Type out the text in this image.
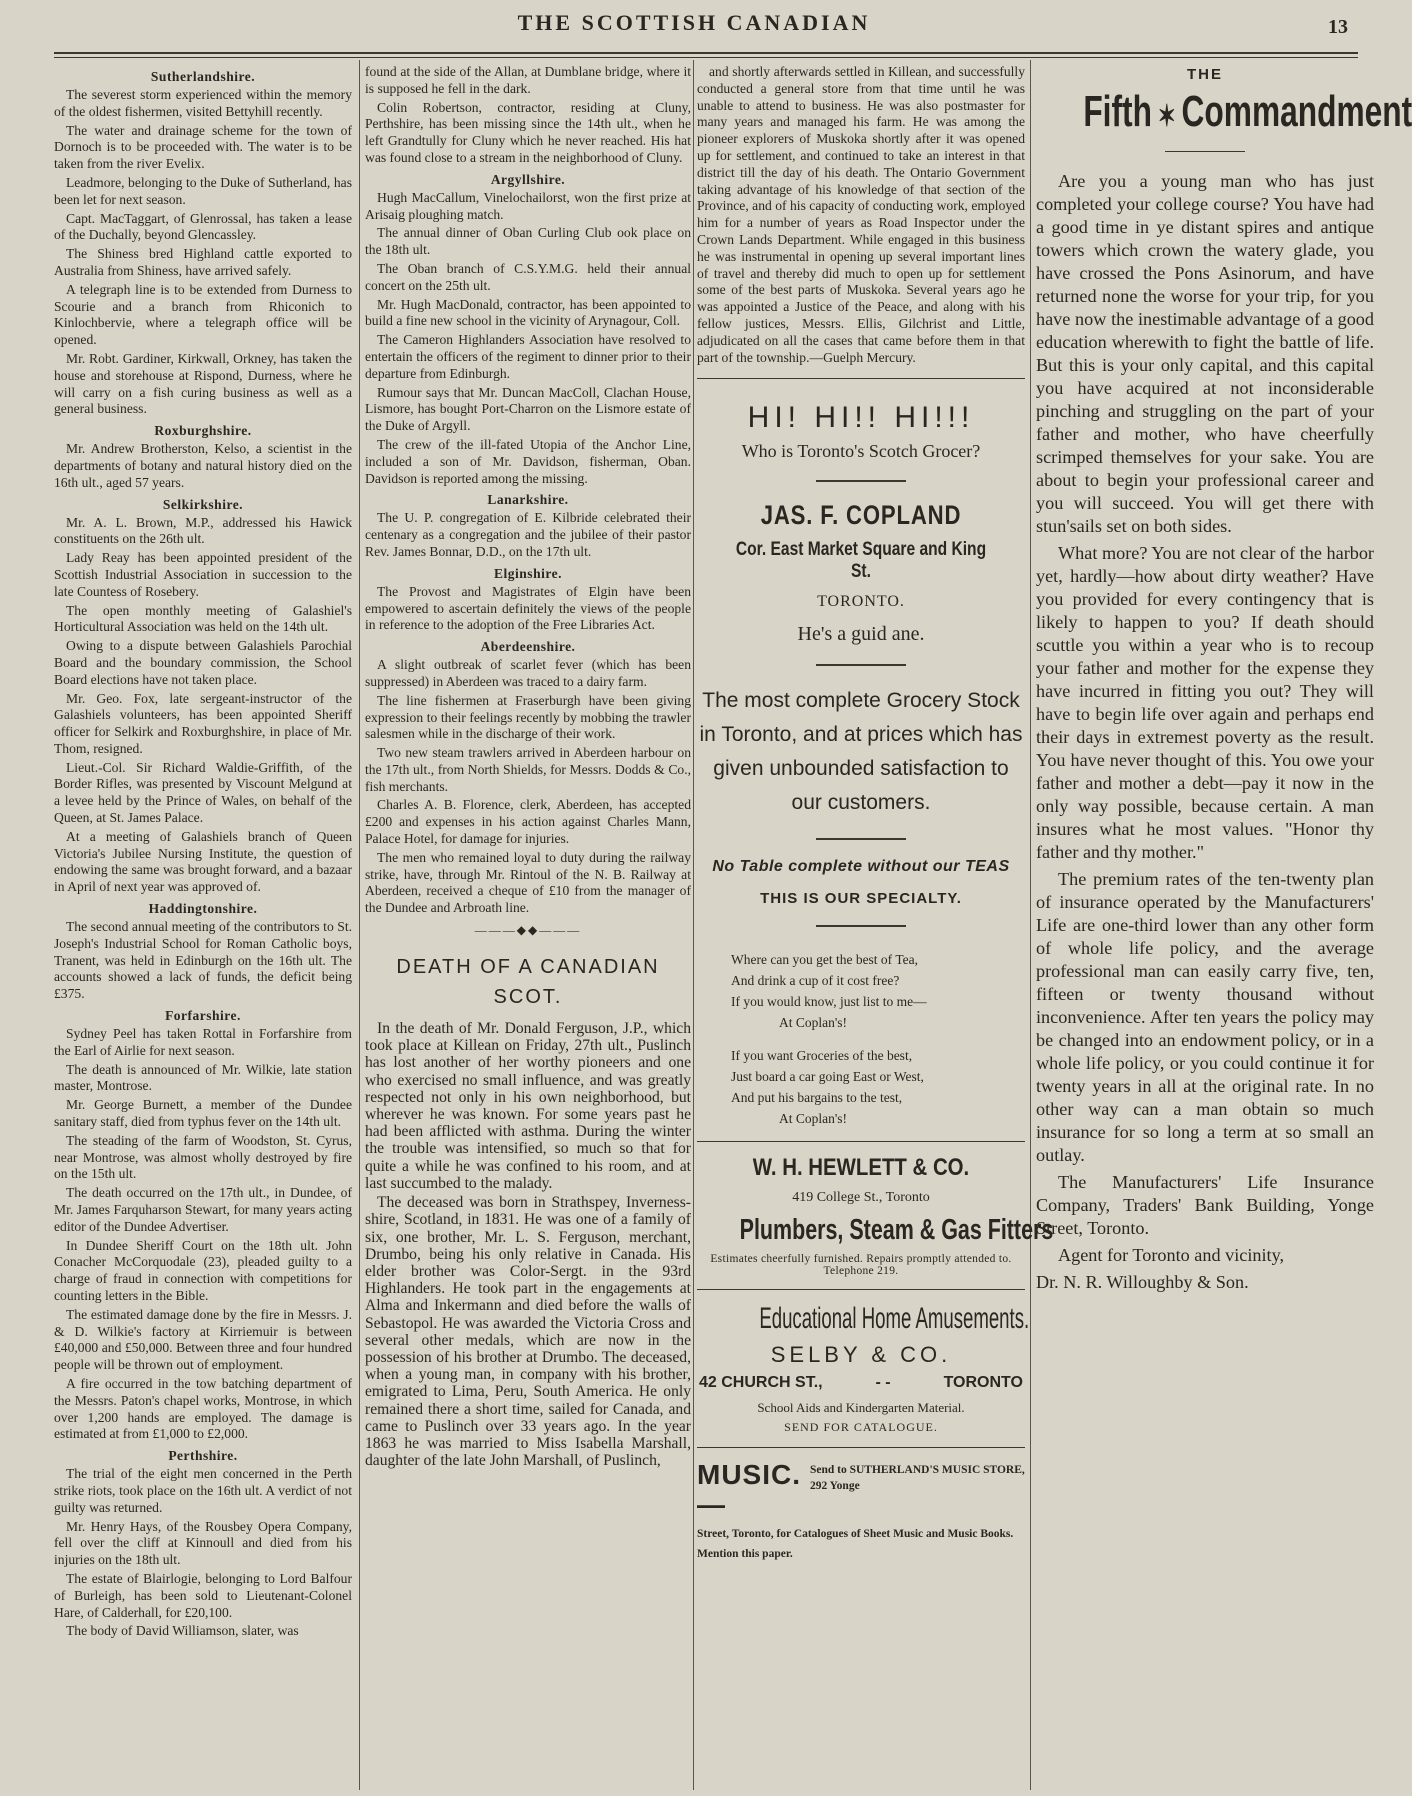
THE SCOTTISH CANADIAN	13
Sutherlandshire.

The severest storm experienced within the memory of the oldest fishermen, visited Bettyhill recently.

The water and drainage scheme for the town of Dornoch is to be proceeded with. The water is to be taken from the river Evelix.

Leadmore, belonging to the Duke of Sutherland, has been let for next season.

Capt. MacTaggart, of Glenrossal, has taken a lease of the Duchally, beyond Glencassley.

The Shiness bred Highland cattle exported to Australia from Shiness, have arrived safely.

A telegraph line is to be extended from Durness to Scourie and a branch from Rhiconich to Kinlochbervie, where a telegraph office will be opened.

Mr. Robt. Gardiner, Kirkwall, Orkney, has taken the house and storehouse at Rispond, Durness, where he will carry on a fish curing business as well as a general business.

Roxburghshire.

Mr. Andrew Brotherston, Kelso, a scientist in the departments of botany and natural history died on the 16th ult., aged 57 years.

Selkirkshire.

Mr. A. L. Brown, M.P., addressed his Hawick constituents on the 26th ult.

Lady Reay has been appointed president of the Scottish Industrial Association in succession to the late Countess of Rosebery.

The open monthly meeting of Galashiel's Horticultural Association was held on the 14th ult.

Owing to a dispute between Galashiels Parochial Board and the boundary commission, the School Board elections have not taken place.

Mr. Geo. Fox, late sergeant-instructor of the Galashiels volunteers, has been appointed Sheriff officer for Selkirk and Roxburghshire, in place of Mr. Thom, resigned.

Lieut.-Col. Sir Richard Waldie-Griffith, of the Border Rifles, was presented by Viscount Melgund at a levee held by the Prince of Wales, on behalf of the Queen, at St. James Palace.

At a meeting of Galashiels branch of Queen Victoria's Jubilee Nursing Institute, the question of endowing the same was brought forward, and a bazaar in April of next year was approved of.

Haddingtonshire.

The second annual meeting of the contributors to St. Joseph's Industrial School for Roman Catholic boys, Tranent, was held in Edinburgh on the 16th ult. The accounts showed a lack of funds, the deficit being £375.

Forfarshire.

Sydney Peel has taken Rottal in Forfarshire from the Earl of Airlie for next season.

The death is announced of Mr. Wilkie, late station master, Montrose.

Mr. George Burnett, a member of the Dundee sanitary staff, died from typhus fever on the 14th ult.

The steading of the farm of Woodston, St. Cyrus, near Montrose, was almost wholly destroyed by fire on the 15th ult.

The death occurred on the 17th ult., in Dundee, of Mr. James Farquharson Stewart, for many years acting editor of the Dundee Advertiser.

In Dundee Sheriff Court on the 18th ult. John Conacher McCorquodale (23), pleaded guilty to a charge of fraud in connection with competitions for counting letters in the Bible.

The estimated damage done by the fire in Messrs. J. & D. Wilkie's factory at Kirriemuir is between £40,000 and £50,000. Between three and four hundred people will be thrown out of employment.

A fire occurred in the tow batching department of the Messrs. Paton's chapel works, Montrose, in which over 1,200 hands are employed. The damage is estimated at from £1,000 to £2,000.

Perthshire.

The trial of the eight men concerned in the Perth strike riots, took place on the 16th ult. A verdict of not guilty was returned.

Mr. Henry Hays, of the Rousbey Opera Company, fell over the cliff at Kinnoull and died from his injuries on the 18th ult.

The estate of Blairlogie, belonging to Lord Balfour of Burleigh, has been sold to Lieutenant-Colonel Hare, of Calderhall, for £20,100.

The body of David Williamson, slater, was

found at the side of the Allan, at Dumblane bridge, where it is supposed he fell in the dark.

Colin Robertson, contractor, residing at Cluny, Perthshire, has been missing since the 14th ult., when he left Grandtully for Cluny which he never reached. His hat was found close to a stream in the neighborhood of Cluny.

Argyllshire.

Hugh MacCallum, Vinelochailorst, won the first prize at Arisaig ploughing match.

The annual dinner of Oban Curling Club ook place on the 18th ult.

The Oban branch of C.S.Y.M.G. held their annual concert on the 25th ult.

Mr. Hugh MacDonald, contractor, has been appointed to build a fine new school in the vicinity of Arynagour, Coll.

The Cameron Highlanders Association have resolved to entertain the officers of the regiment to dinner prior to their departure from Edinburgh.

Rumour says that Mr. Duncan MacColl, Clachan House, Lismore, has bought Port-Charron on the Lismore estate of the Duke of Argyll.

The crew of the ill-fated Utopia of the Anchor Line, included a son of Mr. Davidson, fisherman, Oban. Davidson is reported among the missing.

Lanarkshire.

The U. P. congregation of E. Kilbride celebrated their centenary as a congregation and the jubilee of their pastor Rev. James Bonnar, D.D., on the 17th ult.

Elginshire.

The Provost and Magistrates of Elgin have been empowered to ascertain definitely the views of the people in reference to the adoption of the Free Libraries Act.

Aberdeenshire.

A slight outbreak of scarlet fever (which has been suppressed) in Aberdeen was traced to a dairy farm.

The line fishermen at Fraserburgh have been giving expression to their feelings recently by mobbing the trawler salesmen while in the discharge of their work.

Two new steam trawlers arrived in Aberdeen harbour on the 17th ult., from North Shields, for Messrs. Dodds & Co., fish merchants.

Charles A. B. Florence, clerk, Aberdeen, has accepted £200 and expenses in his action against Charles Mann, Palace Hotel, for damage for injuries.

The men who remained loyal to duty during the railway strike, have, through Mr. Rintoul of the N. B. Railway at Aberdeen, received a cheque of £10 from the manager of the Dundee and Arbroath line.

———◆◆———
DEATH OF A CANADIAN SCOT.

In the death of Mr. Donald Ferguson, J.P., which took place at Killean on Friday, 27th ult., Puslinch has lost another of her worthy pioneers and one who exercised no small influence, and was greatly respected not only in his own neighborhood, but wherever he was known. For some years past he had been afflicted with asthma. During the winter the trouble was intensified, so much so that for quite a while he was confined to his room, and at last succumbed to the malady.

The deceased was born in Strathspey, Inverness-shire, Scotland, in 1831. He was one of a family of six, one brother, Mr. L. S. Ferguson, merchant, Drumbo, being his only relative in Canada. His elder brother was Color-Sergt. in the 93rd Highlanders. He took part in the engagements at Alma and Inkermann and died before the walls of Sebastopol. He was awarded the Victoria Cross and several other medals, which are now in the possession of his brother at Drumbo. The deceased, when a young man, in company with his brother, emigrated to Lima, Peru, South America. He only remained there a short time, sailed for Canada, and came to Puslinch over 33 years ago. In the year 1863 he was married to Miss Isabella Marshall, daughter of the late John Marshall, of Puslinch,

and shortly afterwards settled in Killean, and successfully conducted a general store from that time until he was unable to attend to business. He was also postmaster for many years and managed his farm. He was among the pioneer explorers of Muskoka shortly after it was opened up for settlement, and continued to take an interest in that district till the day of his death. The Ontario Government taking advantage of his knowledge of that section of the Province, and of his capacity of conducting work, employed him for a number of years as Road Inspector under the Crown Lands Department. While engaged in this business he was instrumental in opening up several important lines of travel and thereby did much to open up for settlement some of the best parts of Muskoka. Several years ago he was appointed a Justice of the Peace, and along with his fellow justices, Messrs. Ellis, Gilchrist and Little, adjudicated on all the cases that came before them in that part of the township.—Guelph Mercury.

HI! HI!! HI!!!
Who is Toronto's Scotch Grocer?
JAS. F. COPLAND
Cor. East Market Square and King St.
TORONTO.
He's a guid ane.
The most complete Grocery Stock in Toronto, and at prices which has given unbounded satisfaction to our customers.
No Table complete without our TEAS
THIS IS OUR SPECIALTY.
Where can you get the best of Tea,
And drink a cup of it cost free?
If you would know, just list to me—
At Coplan's!
If you want Groceries of the best,
Just board a car going East or West,
And put his bargains to the test,
At Coplan's!
W. H. HEWLETT & CO.
419 College St., Toronto
Plumbers, Steam & Gas Fitters
Estimates cheerfully furnished. Repairs promptly attended to. Telephone 219.
Educational Home Amusements.
SELBY & CO.
42 CHURCH ST.,	- -	TORONTO
School Aids and Kindergarten Material.
SEND FOR CATALOGUE.
MUSIC.—
Send to SUTHERLAND'S MUSIC STORE, 292 Yonge
Street, Toronto, for Catalogues of Sheet Music and Music Books. Mention this paper.
THE
Fifth ✶ Commandment

Are you a young man who has just completed your college course? You have had a good time in ye distant spires and antique towers which crown the watery glade, you have crossed the Pons Asinorum, and have returned none the worse for your trip, for you have now the inestimable advantage of a good education wherewith to fight the battle of life. But this is your only capital, and this capital you have acquired at not inconsiderable pinching and struggling on the part of your father and mother, who have cheerfully scrimped themselves for your sake. You are about to begin your professional career and you will succeed. You will get there with stun'sails set on both sides.

What more? You are not clear of the harbor yet, hardly—how about dirty weather? Have you provided for every contingency that is likely to happen to you? If death should scuttle you within a year who is to recoup your father and mother for the expense they have incurred in fitting you out? They will have to begin life over again and perhaps end their days in extremest poverty as the result. You have never thought of this. You owe your father and mother a debt—pay it now in the only way possible, because certain. A man insures what he most values. "Honor thy father and thy mother."

The premium rates of the ten-twenty plan of insurance operated by the Manufacturers' Life are one-third lower than any other form of whole life policy, and the average professional man can easily carry five, ten, fifteen or twenty thousand without inconvenience. After ten years the policy may be changed into an endowment policy, or in a whole life policy, or you could continue it for twenty years in all at the original rate. In no other way can a man obtain so much insurance for so long a term at so small an outlay.

The Manufacturers' Life Insurance Company, Traders' Bank Building, Yonge Street, Toronto.

Agent for Toronto and vicinity,

Dr. N. R. Willoughby & Son.
